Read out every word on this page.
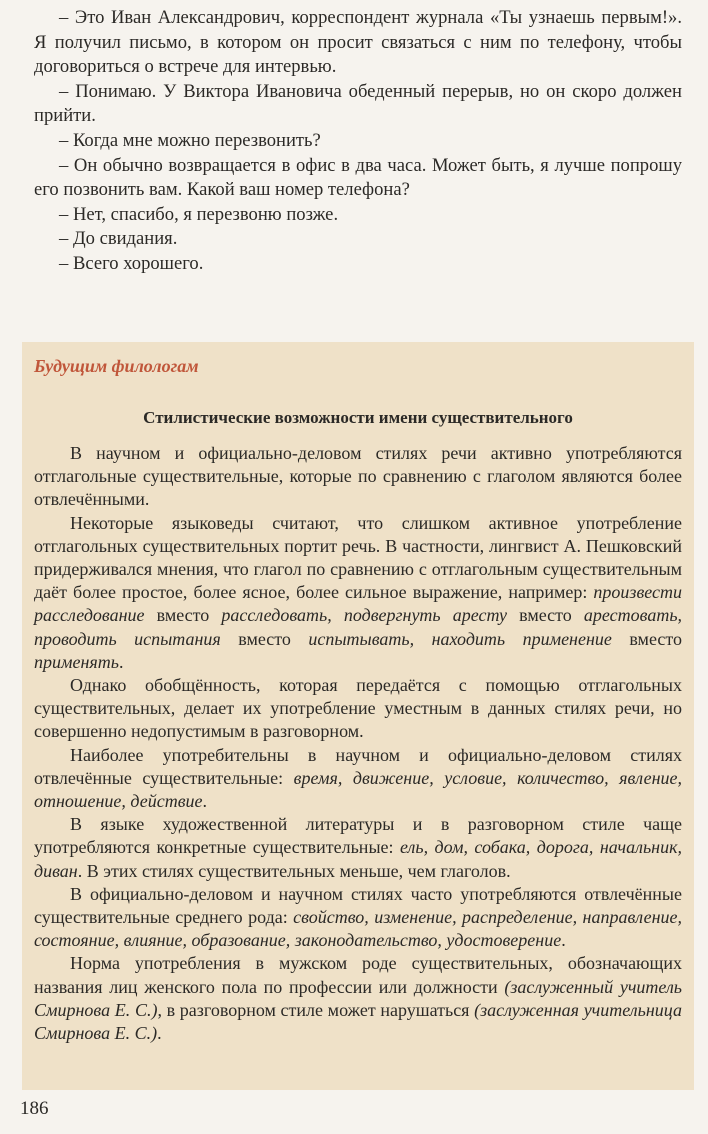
– Это Иван Александрович, корреспондент журнала «Ты узнаешь первым!». Я получил письмо, в котором он просит связаться с ним по телефону, чтобы договориться о встрече для интервью.

– Понимаю. У Виктора Ивановича обеденный перерыв, но он скоро должен прийти.

– Когда мне можно перезвонить?

– Он обычно возвращается в офис в два часа. Может быть, я лучше попрошу его позвонить вам. Какой ваш номер телефона?

– Нет, спасибо, я перезвоню позже.

– До свидания.

– Всего хорошего.

Будущим филологам
Стилистические возможности имени существительного

В научном и официально-деловом стилях речи активно употребляются отглагольные существительные, которые по сравнению с глаголом являются более отвлечёнными.

Некоторые языковеды считают, что слишком активное употребление отглагольных существительных портит речь. В частности, лингвист А. Пешковский придерживался мнения, что глагол по сравнению с отглагольным существительным даёт более простое, более ясное, более сильное выражение, например: произвести расследование вместо расследовать, подвергнуть аресту вместо арестовать, проводить испытания вместо испытывать, находить применение вместо применять.

Однако обобщённость, которая передаётся с помощью отглагольных существительных, делает их употребление уместным в данных стилях речи, но совершенно недопустимым в разговорном.

Наиболее употребительны в научном и официально-деловом стилях отвлечённые существительные: время, движение, условие, количество, явление, отношение, действие.

В языке художественной литературы и в разговорном стиле чаще употребляются конкретные существительные: ель, дом, собака, дорога, начальник, диван. В этих стилях существительных меньше, чем глаголов.

В официально-деловом и научном стилях часто употребляются отвлечённые существительные среднего рода: свойство, изменение, распределение, направление, состояние, влияние, образование, законодательство, удостоверение.

Норма употребления в мужском роде существительных, обозначающих названия лиц женского пола по профессии или должности (заслуженный учитель Смирнова Е. С.), в разговорном стиле может нарушаться (заслуженная учительница Смирнова Е. С.).

186
